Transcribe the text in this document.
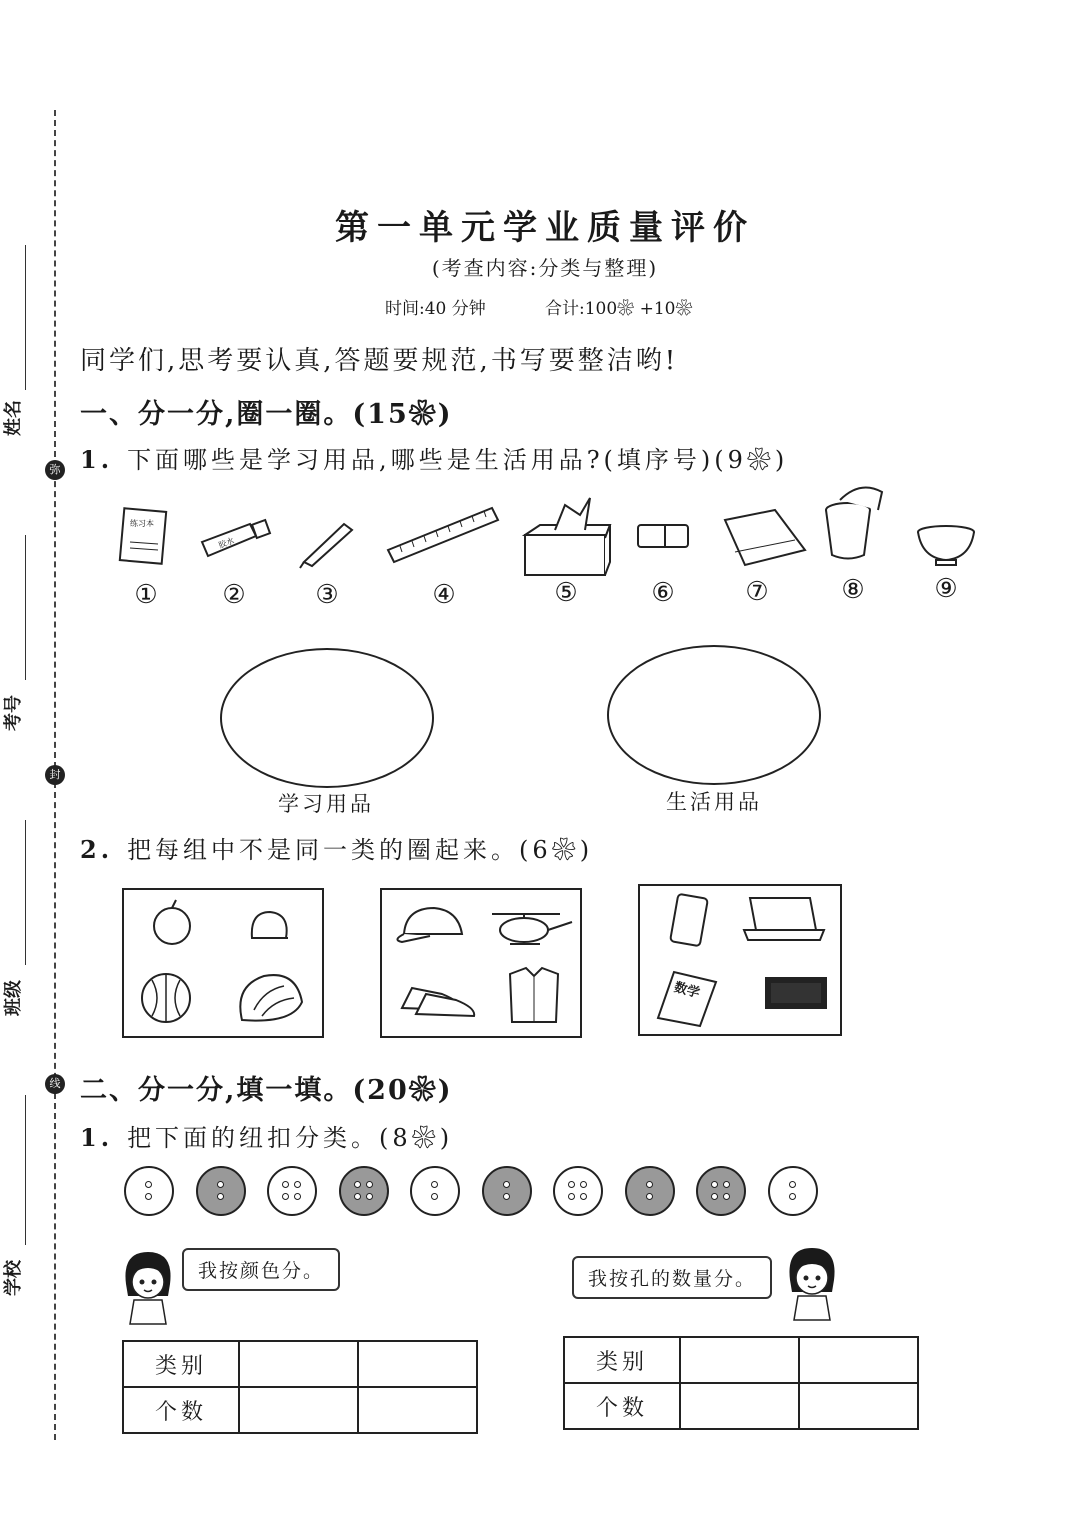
弥
封
线
姓名
考号
班级
学校
第一单元学业质量评价
(考查内容:分类与整理)
时间:40 分钟	合计:100❀ +10❀
同学们,思考要认真,答题要规范,书写要整洁哟!
一、分一分,圈一圈。(15❀)
1. 下面哪些是学习用品,哪些是生活用品?(填序号)(9❀)
练习本
胶水
①	②	③	④	⑤	⑥	⑦	⑧	⑨
学习用品	生活用品
2. 把每组中不是同一类的圈起来。(6❀)
数学
二、分一分,填一填。(20❀)
1. 把下面的纽扣分类。(8❀)
我按颜色分。	我按孔的数量分。
类别		
个数		
类别		
个数		
